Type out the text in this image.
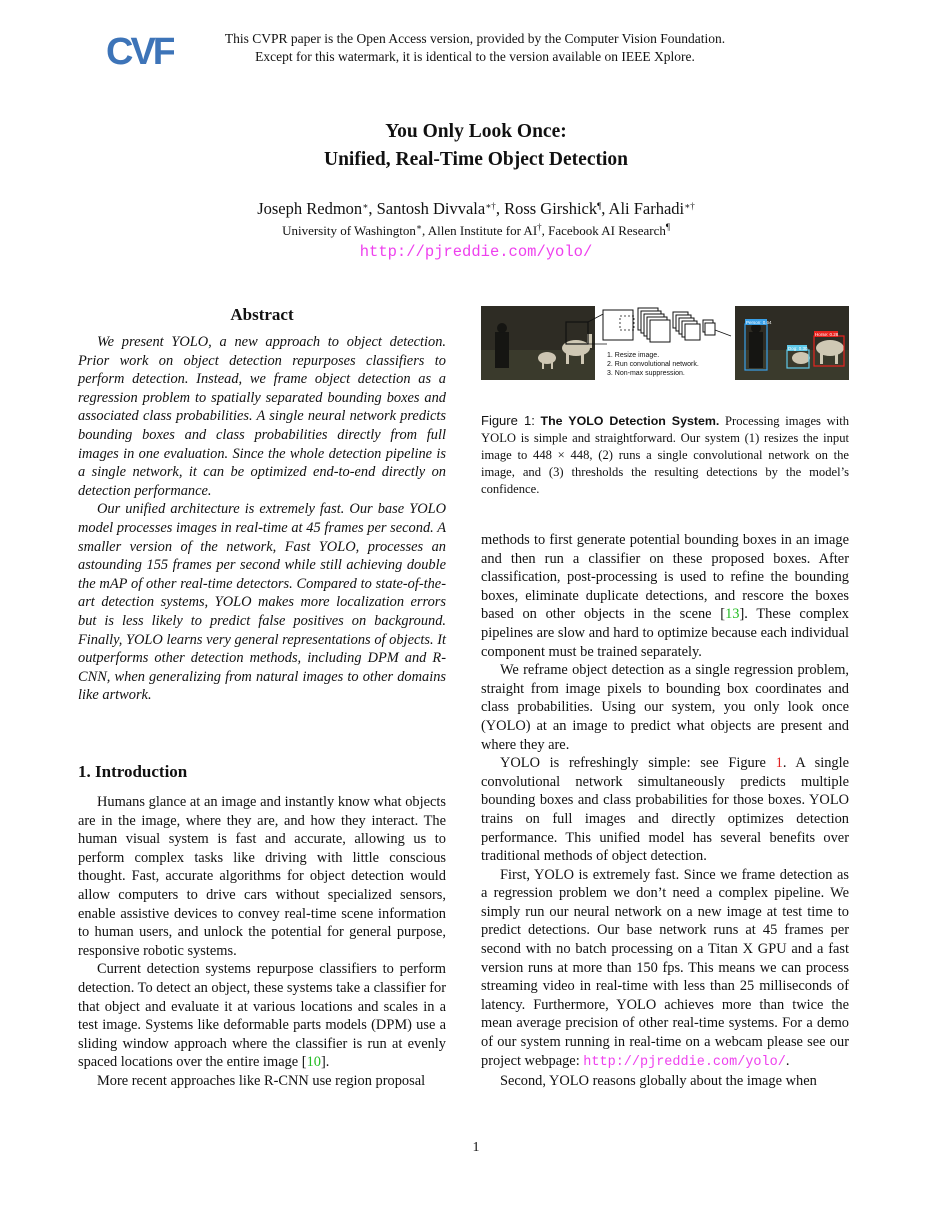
CVF	This CVPR paper is the Open Access version, provided by the Computer Vision Foundation.
Except for this watermark, it is identical to the version available on IEEE Xplore.
You Only Look Once:
Unified, Real-Time Object Detection
Joseph Redmon∗, Santosh Divvala∗†, Ross Girshick¶, Ali Farhadi∗†
University of Washington∗, Allen Institute for AI†, Facebook AI Research¶
http://pjreddie.com/yolo/
Abstract

We present YOLO, a new approach to object detection. Prior work on object detection repurposes classifiers to perform detection. Instead, we frame object detection as a regression problem to spatially separated bounding boxes and associated class probabilities. A single neural network predicts bounding boxes and class probabilities directly from full images in one evaluation. Since the whole detection pipeline is a single network, it can be optimized end-to-end directly on detection performance.

Our unified architecture is extremely fast. Our base YOLO model processes images in real-time at 45 frames per second. A smaller version of the network, Fast YOLO, processes an astounding 155 frames per second while still achieving double the mAP of other real-time detectors. Compared to state-of-the-art detection systems, YOLO makes more localization errors but is less likely to predict false positives on background. Finally, YOLO learns very general representations of objects. It outperforms other detection methods, including DPM and R-CNN, when generalizing from natural images to other domains like artwork.

1. Introduction

Humans glance at an image and instantly know what objects are in the image, where they are, and how they interact. The human visual system is fast and accurate, allowing us to perform complex tasks like driving with little conscious thought. Fast, accurate algorithms for object detection would allow computers to drive cars without specialized sensors, enable assistive devices to convey real-time scene information to human users, and unlock the potential for general purpose, responsive robotic systems.

Current detection systems repurpose classifiers to perform detection. To detect an object, these systems take a classifier for that object and evaluate it at various locations and scales in a test image. Systems like deformable parts models (DPM) use a sliding window approach where the classifier is run at evenly spaced locations over the entire image [10].

More recent approaches like R-CNN use region proposal

1. Resize image.
2. Run convolutional network.
3. Non-max suppression.
Person: 0.64
Horse: 0.28
Dog: 0.30
Figure 1: The YOLO Detection System. Processing images with YOLO is simple and straightforward. Our system (1) resizes the input image to 448 × 448, (2) runs a single convolutional network on the image, and (3) thresholds the resulting detections by the model’s confidence.

methods to first generate potential bounding boxes in an image and then run a classifier on these proposed boxes. After classification, post-processing is used to refine the bounding boxes, eliminate duplicate detections, and rescore the boxes based on other objects in the scene [13]. These complex pipelines are slow and hard to optimize because each individual component must be trained separately.

We reframe object detection as a single regression problem, straight from image pixels to bounding box coordinates and class probabilities. Using our system, you only look once (YOLO) at an image to predict what objects are present and where they are.

YOLO is refreshingly simple: see Figure 1. A single convolutional network simultaneously predicts multiple bounding boxes and class probabilities for those boxes. YOLO trains on full images and directly optimizes detection performance. This unified model has several benefits over traditional methods of object detection.

First, YOLO is extremely fast. Since we frame detection as a regression problem we don’t need a complex pipeline. We simply run our neural network on a new image at test time to predict detections. Our base network runs at 45 frames per second with no batch processing on a Titan X GPU and a fast version runs at more than 150 fps. This means we can process streaming video in real-time with less than 25 milliseconds of latency. Furthermore, YOLO achieves more than twice the mean average precision of other real-time systems. For a demo of our system running in real-time on a webcam please see our project webpage: http://pjreddie.com/yolo/.

Second, YOLO reasons globally about the image when

1
